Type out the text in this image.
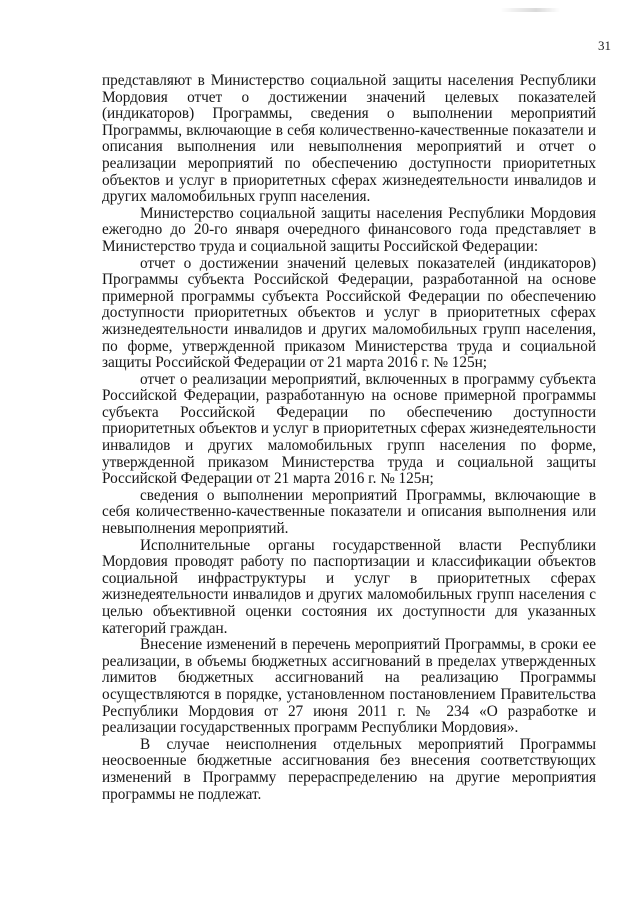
31

представляют в Министерство социальной защиты населения Республики Мордовия отчет о достижении значений целевых показателей (индикаторов) Программы, сведения о выполнении мероприятий Программы, включающие в себя количественно-качественные показатели и описания выполнения или невыполнения мероприятий и отчет о реализации мероприятий по обеспечению доступности приоритетных объектов и услуг в приоритетных сферах жизнедеятельности инвалидов и других маломобильных групп населения.

Министерство социальной защиты населения Республики Мордовия ежегодно до 20-го января очередного финансового года представляет в Министерство труда и социальной защиты Российской Федерации:

отчет о достижении значений целевых показателей (индикаторов) Программы субъекта Российской Федерации, разработанной на основе примерной программы субъекта Российской Федерации по обеспечению доступности приоритетных объектов и услуг в приоритетных сферах жизнедеятельности инвалидов и других маломобильных групп населения, по форме, утвержденной приказом Министерства труда и социальной защиты Российской Федерации от 21 марта 2016 г. № 125н;

отчет о реализации мероприятий, включенных в программу субъекта Российской Федерации, разработанную на основе примерной программы субъекта Российской Федерации по обеспечению доступности приоритетных объектов и услуг в приоритетных сферах жизнедеятельности инвалидов и других маломобильных групп населения по форме, утвержденной приказом Министерства труда и социальной защиты Российской Федерации от 21 марта 2016 г. № 125н;

сведения о выполнении мероприятий Программы, включающие в себя количественно-качественные показатели и описания выполнения или невыполнения мероприятий.

Исполнительные органы государственной власти Республики Мордовия проводят работу по паспортизации и классификации объектов социальной инфраструктуры и услуг в приоритетных сферах жизнедеятельности инвалидов и других маломобильных групп населения с целью объективной оценки состояния их доступности для указанных категорий граждан.

Внесение изменений в перечень мероприятий Программы, в сроки ее реализации, в объемы бюджетных ассигнований в пределах утвержденных лимитов бюджетных ассигнований на реализацию Программы осуществляются в порядке, установленном постановлением Правительства Республики Мордовия от 27 июня 2011 г. № 234 «О разработке и реализации государственных программ Республики Мордовия».

В случае неисполнения отдельных мероприятий Программы неосвоенные бюджетные ассигнования без внесения соответствующих изменений в Программу перераспределению на другие мероприятия программы не подлежат.
